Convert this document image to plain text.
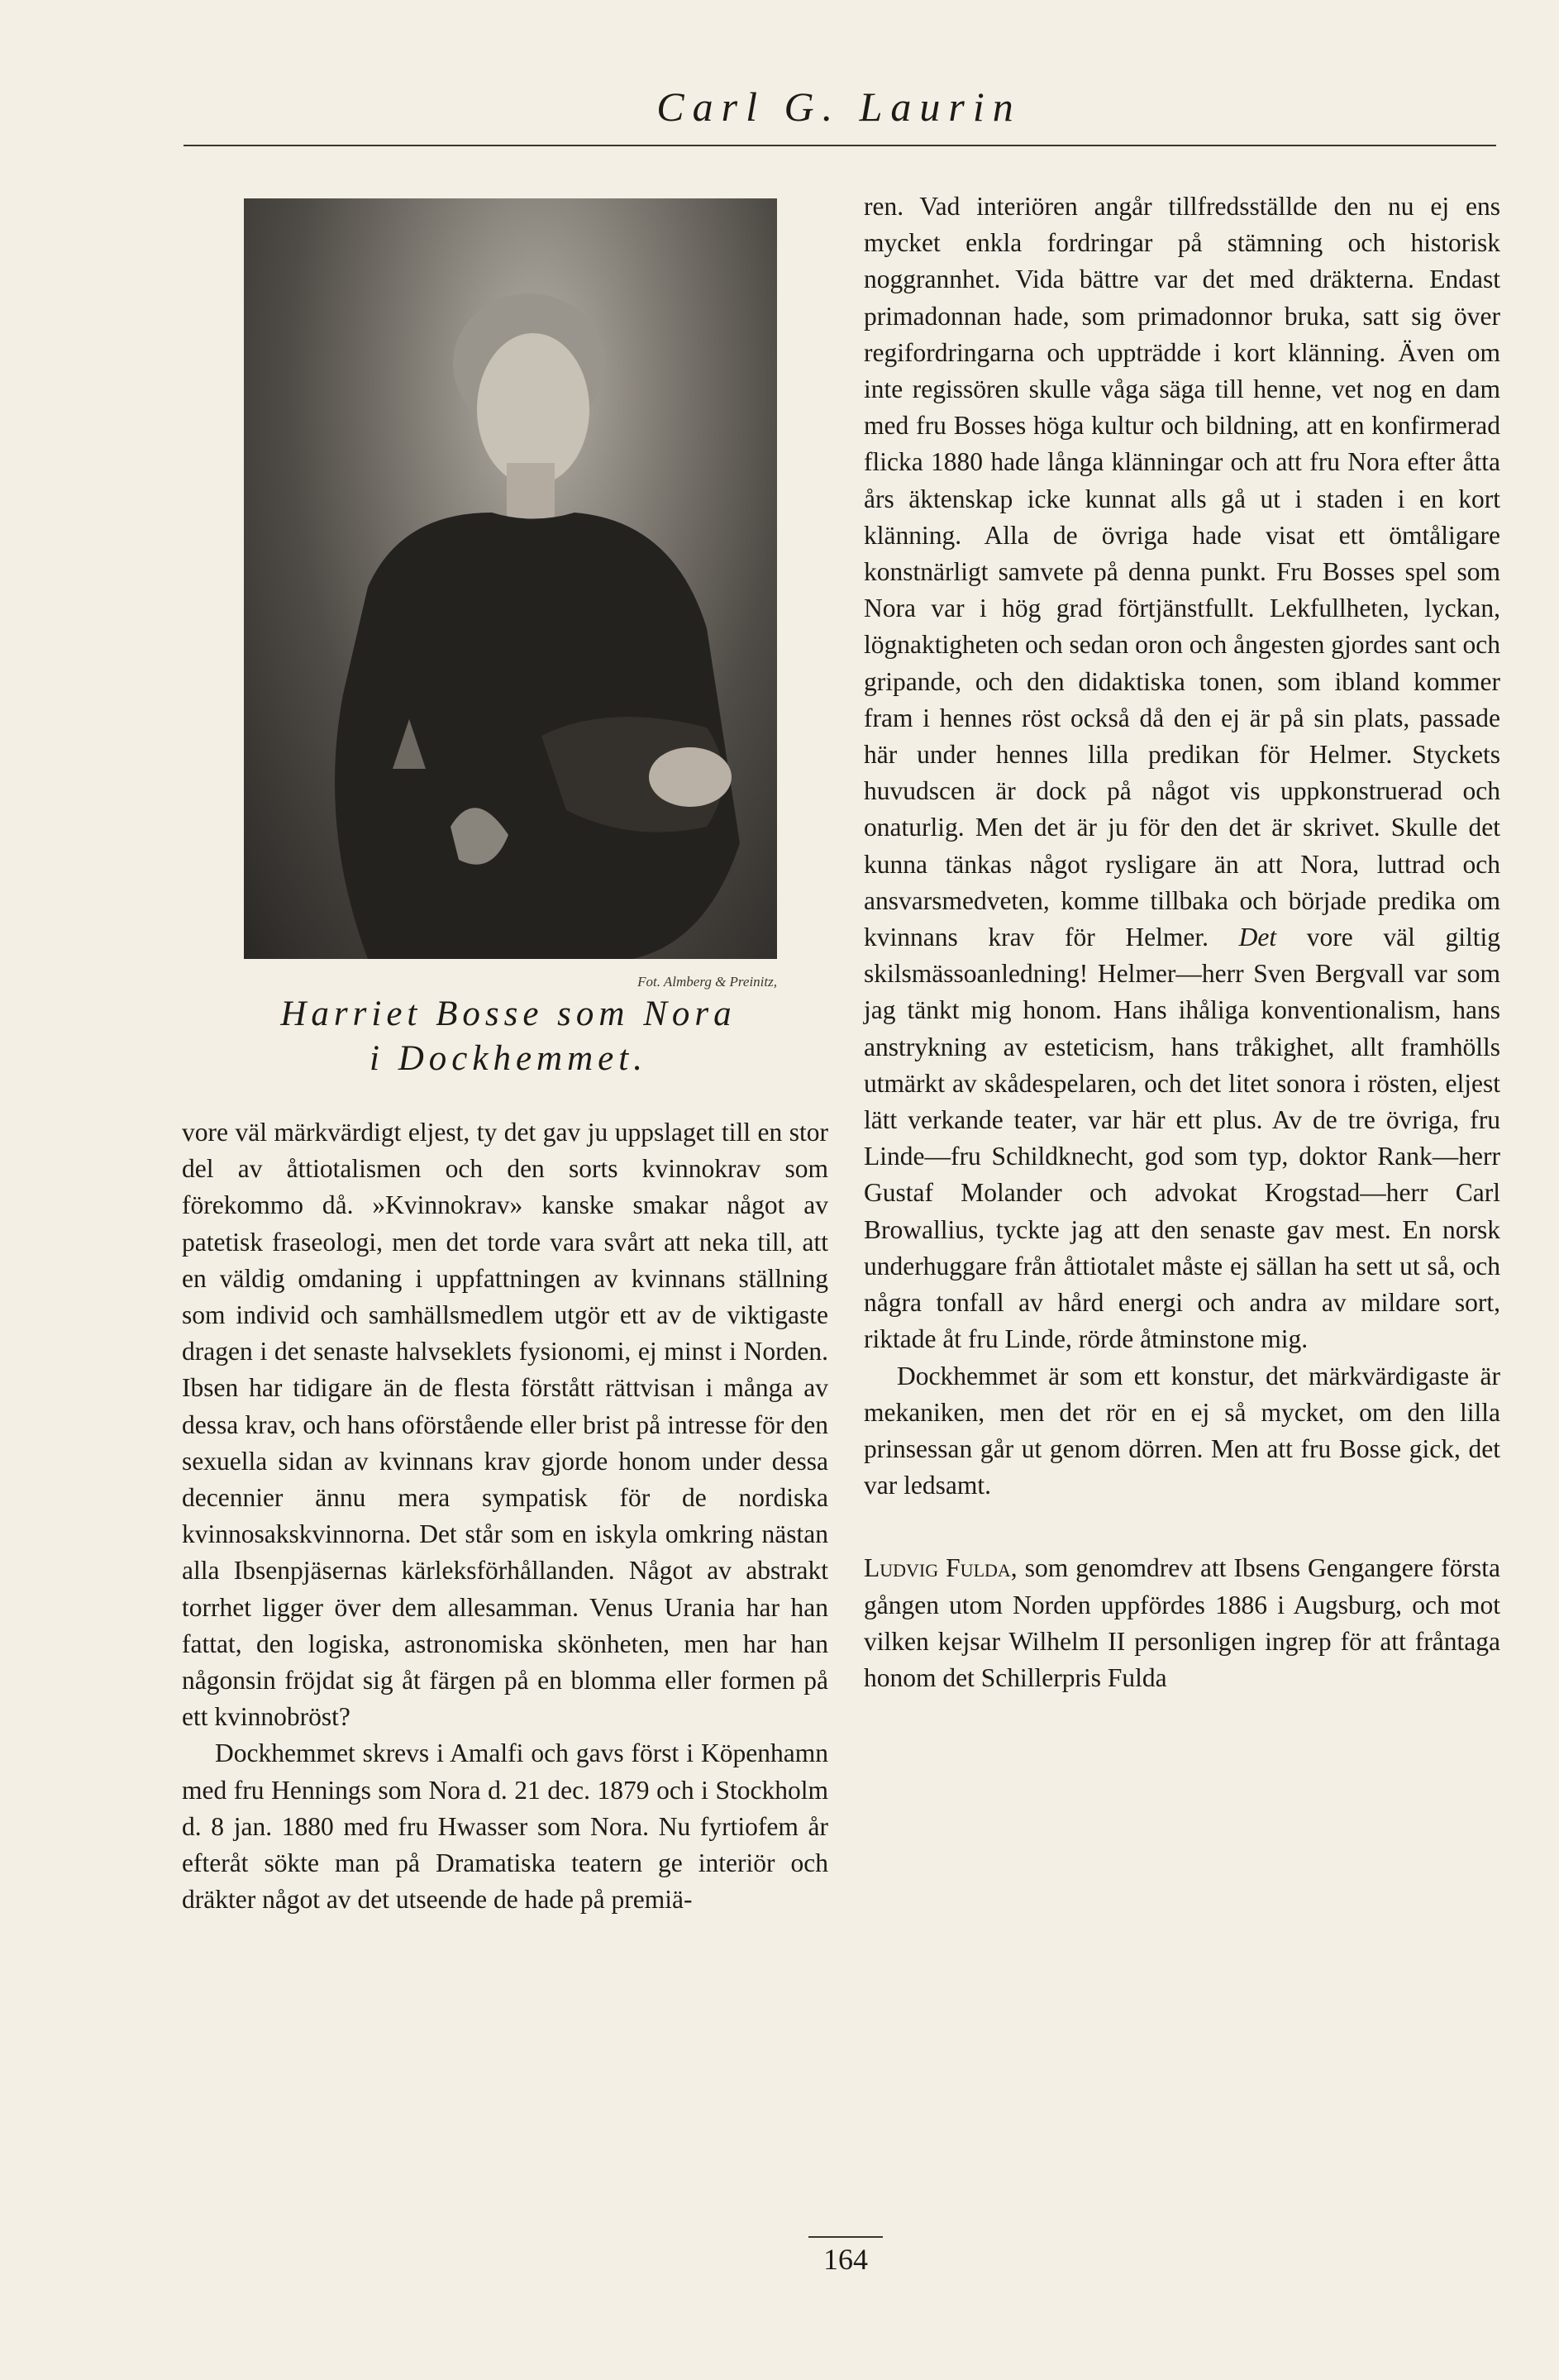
Carl G. Laurin
Fot. Almberg & Preinitz,
Harriet Bosse som Nora
i Dockhemmet.

vore väl märkvärdigt eljest, ty det gav ju uppslaget till en stor del av åttiotalismen och den sorts kvinnokrav som förekommo då. »Kvinnokrav» kanske smakar något av patetisk fraseologi, men det torde vara svårt att neka till, att en väldig omdaning i uppfattningen av kvinnans ställning som individ och samhällsmedlem utgör ett av de viktigaste dragen i det senaste halvseklets fysionomi, ej minst i Norden. Ibsen har tidigare än de flesta förstått rättvisan i många av dessa krav, och hans oförstående eller brist på intresse för den sexuella sidan av kvinnans krav gjorde honom under dessa decennier ännu mera sympatisk för de nordiska kvinnosakskvinnorna. Det står som en iskyla omkring nästan alla Ibsenpjäsernas kärleksförhållanden. Något av abstrakt torrhet ligger över dem allesamman. Venus Urania har han fattat, den logiska, astronomiska skönheten, men har han någonsin fröjdat sig åt färgen på en blomma eller formen på ett kvinnobröst?

Dockhemmet skrevs i Amalfi och gavs först i Köpenhamn med fru Hennings som Nora d. 21 dec. 1879 och i Stockholm d. 8 jan. 1880 med fru Hwasser som Nora. Nu fyrtiofem år efteråt sökte man på Dramatiska teatern ge interiör och dräkter något av det utseende de hade på premiä-

ren. Vad interiören angår tillfredsställde den nu ej ens mycket enkla fordringar på stämning och historisk noggrannhet. Vida bättre var det med dräkterna. Endast primadonnan hade, som primadonnor bruka, satt sig över regifordringarna och uppträdde i kort klänning. Även om inte regissören skulle våga säga till henne, vet nog en dam med fru Bosses höga kultur och bildning, att en konfirmerad flicka 1880 hade långa klänningar och att fru Nora efter åtta års äktenskap icke kunnat alls gå ut i staden i en kort klänning. Alla de övriga hade visat ett ömtåligare konstnärligt samvete på denna punkt. Fru Bosses spel som Nora var i hög grad förtjänstfullt. Lekfullheten, lyckan, lögnaktigheten och sedan oron och ångesten gjordes sant och gripande, och den didaktiska tonen, som ibland kommer fram i hennes röst också då den ej är på sin plats, passade här under hennes lilla predikan för Helmer. Styckets huvudscen är dock på något vis uppkonstruerad och onaturlig. Men det är ju för den det är skrivet. Skulle det kunna tänkas något rysligare än att Nora, luttrad och ansvarsmedveten, komme tillbaka och började predika om kvinnans krav för Helmer. Det vore väl giltig skilsmässoanledning! Helmer—herr Sven Bergvall var som jag tänkt mig honom. Hans ihåliga konventionalism, hans anstrykning av esteticism, hans tråkighet, allt framhölls utmärkt av skådespelaren, och det litet sonora i rösten, eljest lätt verkande teater, var här ett plus. Av de tre övriga, fru Linde—fru Schildknecht, god som typ, doktor Rank—herr Gustaf Molander och advokat Krogstad—herr Carl Browallius, tyckte jag att den senaste gav mest. En norsk underhuggare från åttiotalet måste ej sällan ha sett ut så, och några tonfall av hård energi och andra av mildare sort, riktade åt fru Linde, rörde åtminstone mig.

Dockhemmet är som ett konstur, det märkvärdigaste är mekaniken, men det rör en ej så mycket, om den lilla prinsessan går ut genom dörren. Men att fru Bosse gick, det var ledsamt.

Ludvig Fulda, som genomdrev att Ibsens Gengangere första gången utom Norden uppfördes 1886 i Augsburg, och mot vilken kejsar Wilhelm II personligen ingrep för att fråntaga honom det Schillerpris Fulda

164
